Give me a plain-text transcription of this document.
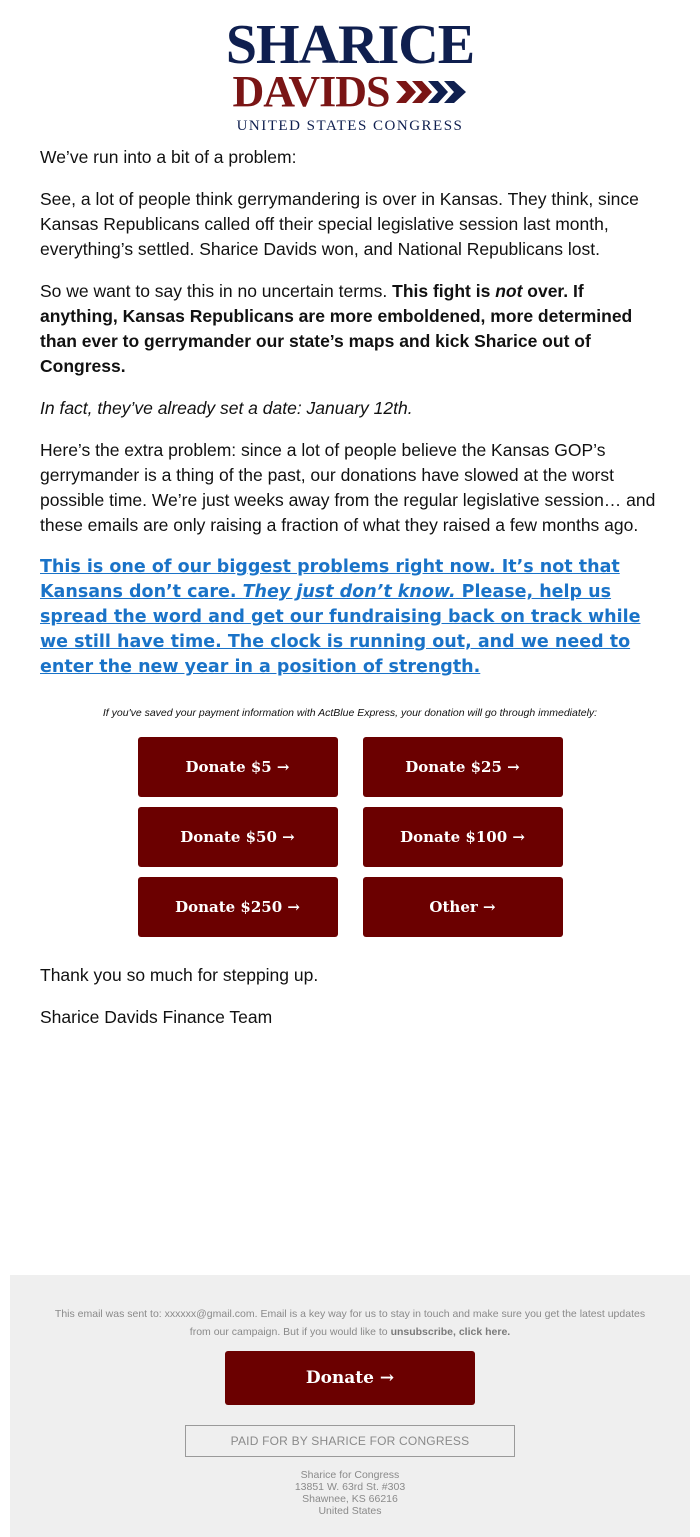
SHARICE
DAVIDS
UNITED STATES CONGRESS

We’ve run into a bit of a problem:

See, a lot of people think gerrymandering is over in Kansas. They think, since Kansas Republicans called off their special legislative session last month, everything’s settled. Sharice Davids won, and National Republicans lost.

So we want to say this in no uncertain terms. This fight is not over. If anything, Kansas Republicans are more emboldened, more determined than ever to gerrymander our state’s maps and kick Sharice out of Congress.

In fact, they’ve already set a date: January 12th.

Here’s the extra problem: since a lot of people believe the Kansas GOP’s gerrymander is a thing of the past, our donations have slowed at the worst possible time. We’re just weeks away from the regular legislative session… and these emails are only raising a fraction of what they raised a few months ago.

This is one of our biggest problems right now. It’s not that Kansans don’t care. They just don’t know. Please, help us spread the word and get our fundraising back on track while we still have time. The clock is running out, and we need to enter the new year in a position of strength.

If you've saved your payment information with ActBlue Express, your donation will go through immediately:

Donate $5 →	Donate $25 →
Donate $50 →	Donate $100 →
Donate $250 →	Other →

Thank you so much for stepping up.

Sharice Davids Finance Team

This email was sent to: xxxxxx@gmail.com. Email is a key way for us to stay in touch and make sure you get the latest updates from our campaign. But if you would like to unsubscribe, click here.
Donate →
PAID FOR BY SHARICE FOR CONGRESS
Sharice for Congress
13851 W. 63rd St. #303
Shawnee, KS 66216
United States
